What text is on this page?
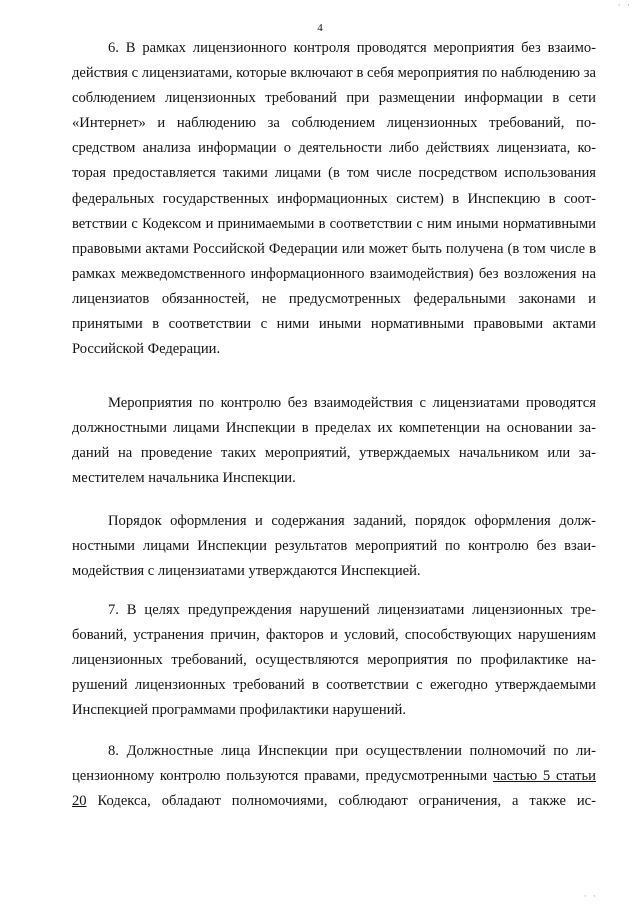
· ·
4
6. В рамках лицензионного контроля проводятся мероприятия без взаимодействия с лицензиатами, которые включают в себя мероприятия по наблюдению за соблюдением лицензионных требований при размещении информации в сети «Интернет» и наблюдению за соблюдением лицензионных требований, посредством анализа информации о деятельности либо действиях лицензиата, которая предоставляется такими лицами (в том числе посредством использования федеральных государственных информационных систем) в Инспекцию в соответствии с Кодексом и принимаемыми в соответствии с ним иными нормативными правовыми актами Российской Федерации или может быть получена (в том числе в рамках межведомственного информационного взаимодействия) без возложения на лицензиатов обязанностей, не предусмотренных федеральными законами и принятыми в соответствии с ними иными нормативными правовыми актами Российской Федерации.
Мероприятия по контролю без взаимодействия с лицензиатами проводятся должностными лицами Инспекции в пределах их компетенции на основании заданий на проведение таких мероприятий, утверждаемых начальником или заместителем начальника Инспекции.
Порядок оформления и содержания заданий, порядок оформления должностными лицами Инспекции результатов мероприятий по контролю без взаимодействия с лицензиатами утверждаются Инспекцией.
7. В целях предупреждения нарушений лицензиатами лицензионных требований, устранения причин, факторов и условий, способствующих нарушениям лицензионных требований, осуществляются мероприятия по профилактике нарушений лицензионных требований в соответствии с ежегодно утверждаемыми Инспекцией программами профилактики нарушений.
8. Должностные лица Инспекции при осуществлении полномочий по лицензионному контролю пользуются правами, предусмотренными частью 5 статьи 20 Кодекса, обладают полномочиями, соблюдают ограничения, а также ис-
· ·
